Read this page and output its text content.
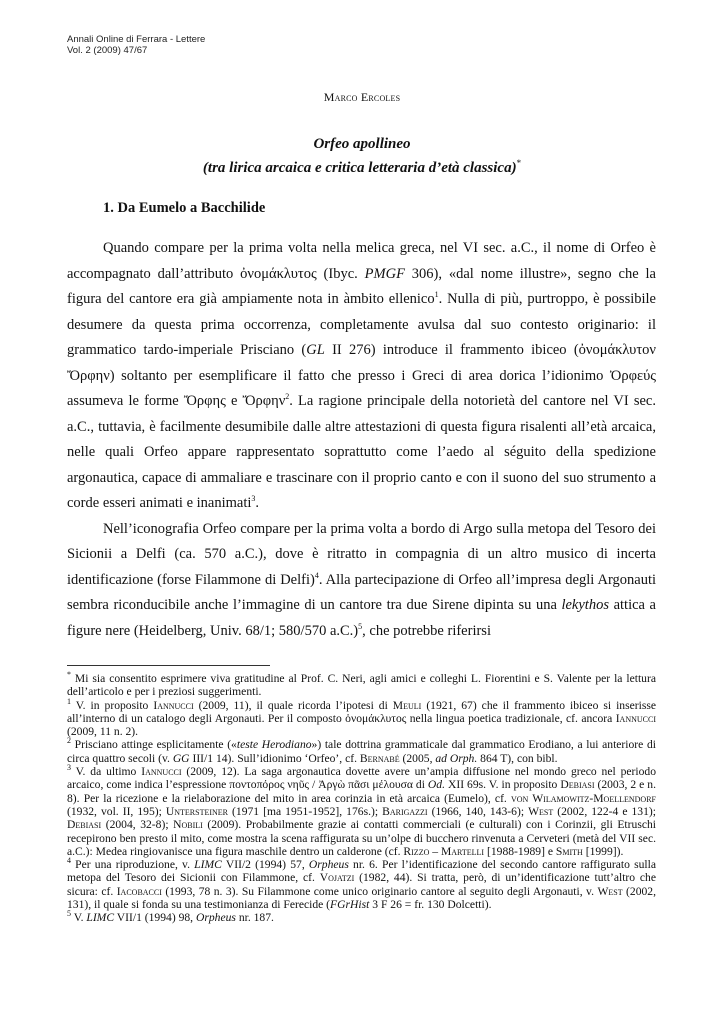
Annali Online di Ferrara - Lettere
Vol. 2 (2009) 47/67
Marco Ercoles
Orfeo apollineo
(tra lirica arcaica e critica letteraria d’età classica)*
1. Da Eumelo a Bacchilide

Quando compare per la prima volta nella melica greca, nel VI sec. a.C., il nome di Orfeo è accompagnato dall’attributo ὀνομάκλυτος (Ibyc. PMGF 306), «dal nome illustre», segno che la figura del cantore era già ampiamente nota in àmbito ellenico$^1$. Nulla di più, purtroppo, è possibile desumere da questa prima occorrenza, completamente avulsa dal suo contesto originario: il grammatico tardo-imperiale Prisciano (GL II 276) introduce il frammento ibiceo (ὀνομάκλυτον Ὄρφην) soltanto per esemplificare il fatto che presso i Greci di area dorica l’idionimo Ὀρφεύς assumeva le forme Ὄρφης e Ὄρφην$^2$. La ragione principale della notorietà del cantore nel VI sec. a.C., tuttavia, è facilmente desumibile dalle altre attestazioni di questa figura risalenti all’età arcaica, nelle quali Orfeo appare rappresentato soprattutto come l’aedo al séguito della spedizione argonautica, capace di ammaliare e trascinare con il proprio canto e con il suono del suo strumento a corde esseri animati e inanimati$^3$.

Nell’iconografia Orfeo compare per la prima volta a bordo di Argo sulla metopa del Tesoro dei Sicionii a Delfi (ca. 570 a.C.), dove è ritratto in compagnia di un altro musico di incerta identificazione (forse Filammone di Delfi)$^4$. Alla partecipazione di Orfeo all’impresa degli Argonauti sembra riconducibile anche l’immagine di un cantore tra due Sirene dipinta su una lekythos attica a figure nere (Heidelberg, Univ. 68/1; 580/570 a.C.)$^5$, che potrebbe riferirsi

* Mi sia consentito esprimere viva gratitudine al Prof. C. Neri, agli amici e colleghi L. Fiorentini e S. Valente per la lettura dell’articolo e per i preziosi suggerimenti.

$^1$ V. in proposito Iannucci (2009, 11), il quale ricorda l’ipotesi di Meuli (1921, 67) che il frammento ibiceo si inserisse all’interno di un catalogo degli Argonauti. Per il composto ὀνομάκλυτος nella lingua poetica tradizionale, cf. ancora Iannucci (2009, 11 n. 2).

$^2$ Prisciano attinge esplicitamente («teste Herodiano») tale dottrina grammaticale dal grammatico Erodiano, a lui anteriore di circa quattro secoli (v. GG III/1 14). Sull’idionimo ‘Orfeo’, cf. Bernabé (2005, ad Orph. 864 T), con bibl.

$^3$ V. da ultimo Iannucci (2009, 12). La saga argonautica dovette avere un’ampia diffusione nel mondo greco nel periodo arcaico, come indica l’espressione ποντοπόρος νηῦς / Ἀργὼ πᾶσι μέλουσα di Od. XII 69s. V. in proposito Debiasi (2003, 2 e n. 8). Per la ricezione e la rielaborazione del mito in area corinzia in età arcaica (Eumelo), cf. von Wilamowitz-Moellendorf (1932, vol. II, 195); Untersteiner (1971 [ma 1951-1952], 176s.); Barigazzi (1966, 140, 143-6); West (2002, 122-4 e 131); Debiasi (2004, 32-8); Nobili (2009). Probabilmente grazie ai contatti commerciali (e culturali) con i Corinzii, gli Etruschi recepirono ben presto il mito, come mostra la scena raffigurata su un’olpe di bucchero rinvenuta a Cerveteri (metà del VII sec. a.C.): Medea ringiovanisce una figura maschile dentro un calderone (cf. Rizzo – Martelli [1988-1989] e Smith [1999]).

$^4$ Per una riproduzione, v. LIMC VII/2 (1994) 57, Orpheus nr. 6. Per l’identificazione del secondo cantore raffigurato sulla metopa del Tesoro dei Sicionii con Filammone, cf. Vojatzi (1982, 44). Si tratta, però, di un’identificazione tutt’altro che sicura: cf. Iacobacci (1993, 78 n. 3). Su Filammone come unico originario cantore al seguito degli Argonauti, v. West (2002, 131), il quale si fonda su una testimonianza di Ferecide (FGrHist 3 F 26 = fr. 130 Dolcetti).

$^5$ V. LIMC VII/1 (1994) 98, Orpheus nr. 187.
